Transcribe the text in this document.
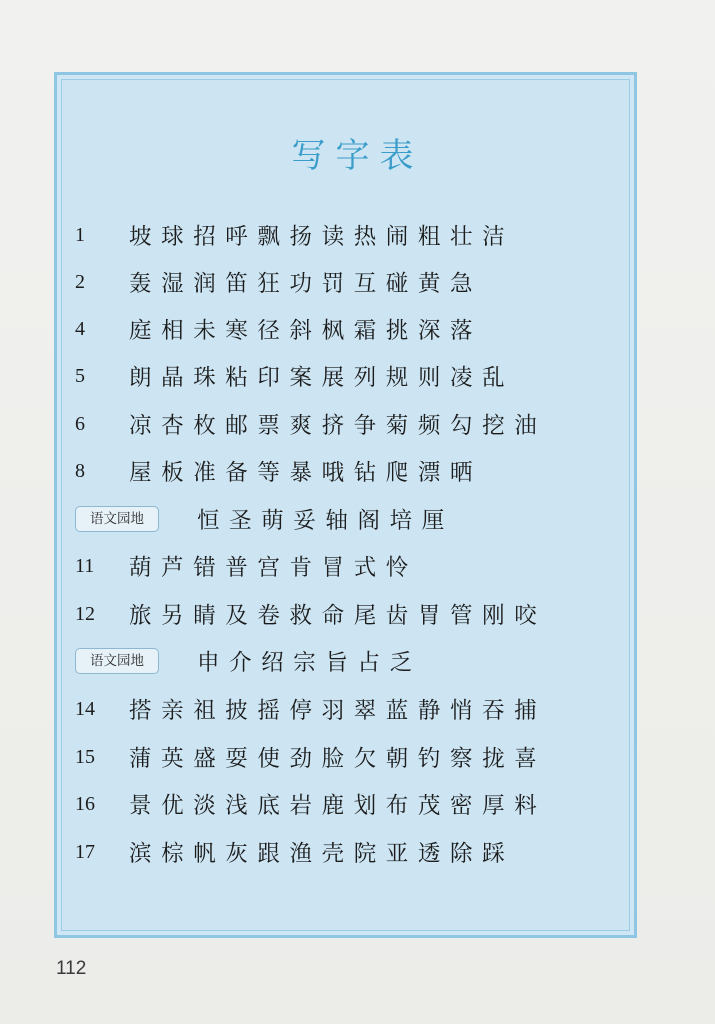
写字表
1	坡球招呼飘扬读热闹粗壮洁
2	轰湿润笛狂功罚互碰黄急
4	庭相未寒径斜枫霜挑深落
5	朗晶珠粘印案展列规则凌乱
6	凉杏枚邮票爽挤争菊频勾挖油
8	屋板准备等暴哦钻爬漂晒
语文园地	恒圣萌妥轴阁培厘
11	葫芦错普宫肯冒式怜
12	旅另睛及卷救命尾齿胃管刚咬
语文园地	申介绍宗旨占乏
14	搭亲祖披摇停羽翠蓝静悄吞捕
15	蒲英盛耍使劲脸欠朝钓察拢喜
16	景优淡浅底岩鹿划布茂密厚料
17	滨棕帆灰跟渔壳院亚透除踩
112
